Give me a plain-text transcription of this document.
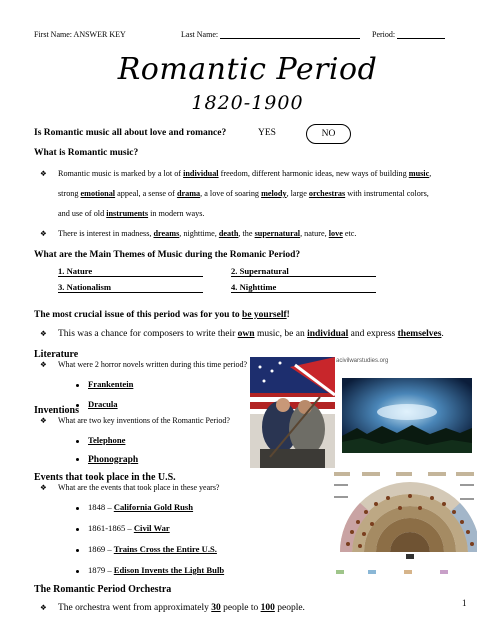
First Name: ANSWER KEY	Last Name:	Period:
Romantic Period
1820-1900
Is Romantic music all about love and romance?	YES	NO
What is Romantic music?
❖ Romantic music is marked by a lot of individual freedom, different harmonic ideas, new ways of building music,
strong emotional appeal, a sense of drama, a love of soaring melody, large orchestras with instrumental colors,
and use of old instruments in modern ways.
❖ There is interest in madness, dreams, nighttime, death, the supernatural, nature, love etc.
What are the Main Themes of Music during the Romanic Period?
1. Nature	2. Supernatural
3. Nationalism	4. Nighttime
The most crucial issue of this period was for you to be yourself!
❖ This was a chance for composers to write their own music, be an individual and express themselves.
Literature
❖ What were 2 horror novels written during this time period?
Frankentein
Dracula
Inventions
❖ What are two key inventions of the Romantic Period?
Telephone
Phonograph
Events that took place in the U.S.
❖ What are the events that took place in these years?
1848 – California Gold Rush
1861-1865 – Civil War
1869 – Trains Cross the Entire U.S.
1879 – Edison Invents the Light Bulb
The Romantic Period Orchestra
❖ The orchestra went from approximately 30 people to 100 people.
acivilwarstudies.org
1
